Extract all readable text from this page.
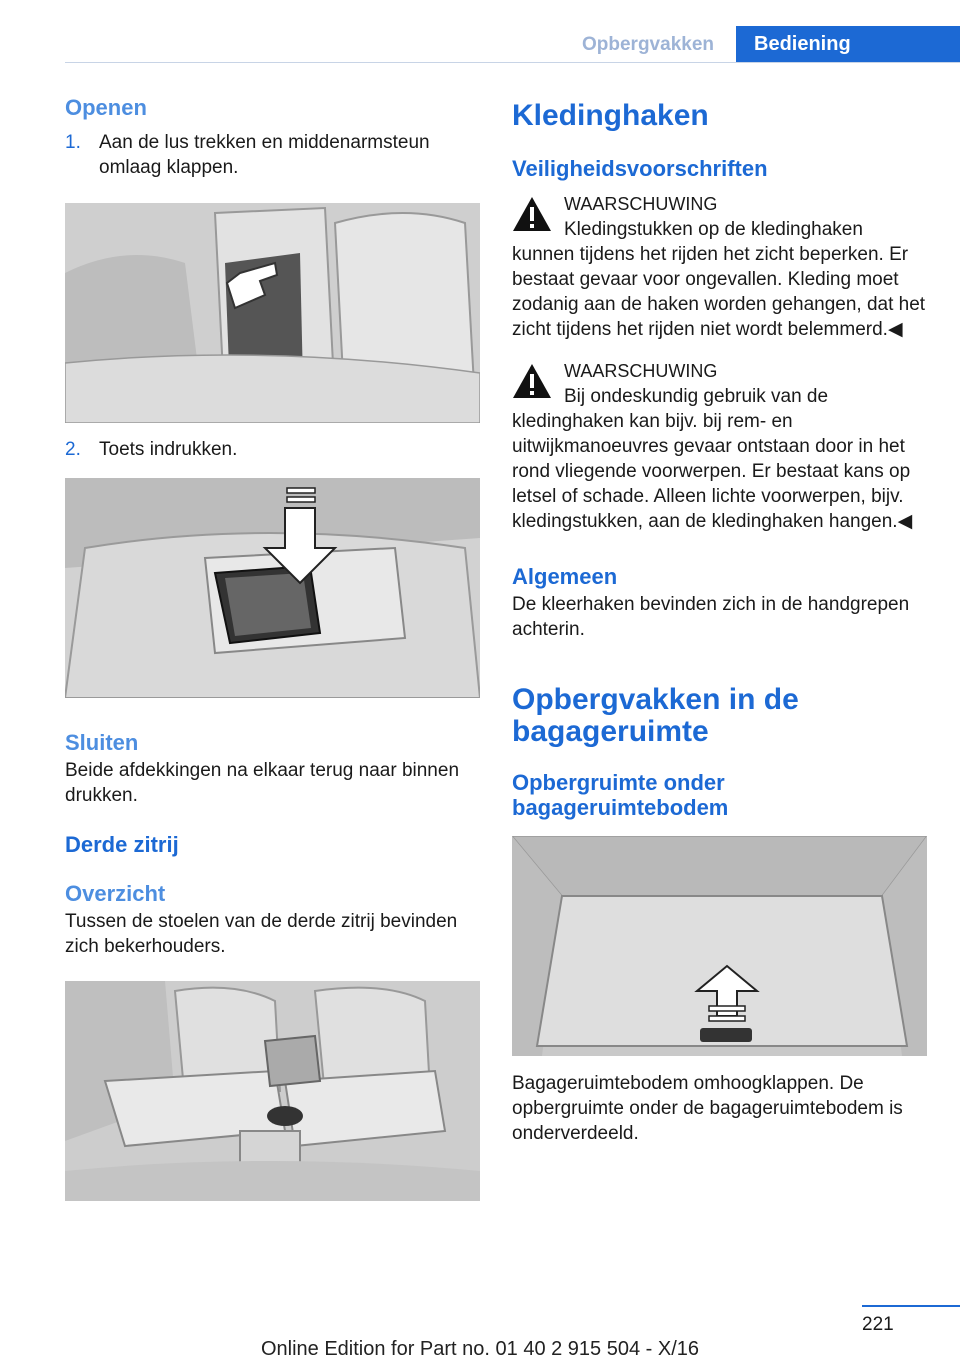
Opbergvakken	Bediening
Openen
1. Aan de lus trekken en middenarmsteun omlaag klappen.
2. Toets indrukken.
Sluiten

Beide afdekkingen na elkaar terug naar binnen drukken.

Derde zitrij
Overzicht

Tussen de stoelen van de derde zitrij bevinden zich bekerhouders.

Kledinghaken
Veiligheidsvoorschriften
WAARSCHUWING

Kledingstukken op de kledinghaken kunnen tijdens het rijden het zicht beperken. Er bestaat gevaar voor ongevallen. Kleding moet zodanig aan de haken worden gehangen, dat het zicht tijdens het rijden niet wordt belemmerd.◀

WAARSCHUWING

Bij ondeskundig gebruik van de kledinghaken kan bijv. bij rem- en uitwijkmanoeuvres gevaar ontstaan door in het rond vliegende voorwerpen. Er bestaat kans op letsel of schade. Alleen lichte voorwerpen, bijv. kledingstukken, aan de kledinghaken hangen.◀

Algemeen

De kleerhaken bevinden zich in de handgrepen achterin.

Opbergvakken in de bagageruimte
Opbergruimte onder bagageruimtebodem

Bagageruimtebodem omhoogklappen. De opbergruimte onder de bagageruimtebodem is onderverdeeld.

221
Online Edition for Part no. 01 40 2 915 504 - X/16
